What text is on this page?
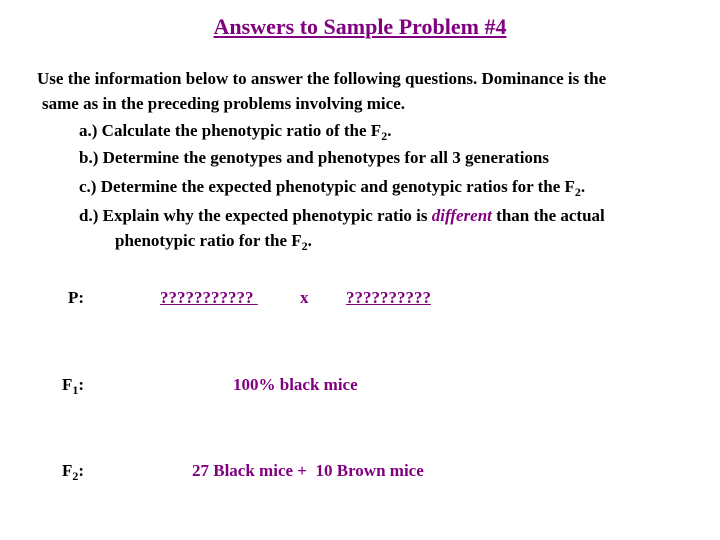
Answers to Sample Problem #4
Use the information below to answer the following questions. Dominance is the
same as in the preceding problems involving mice.
a.) Calculate the phenotypic ratio of the $F_2$.
b.) Determine the genotypes and phenotypes for all 3 generations
c.) Determine the expected phenotypic and genotypic ratios for the $F_2$.
d.) Explain why the expected phenotypic ratio is different than the actual
phenotypic ratio for the $F_2$.
P:	??????????? x ??????????
$F_1$:	100% black mice
$F_2$:	27 Black mice +  10 Brown mice
